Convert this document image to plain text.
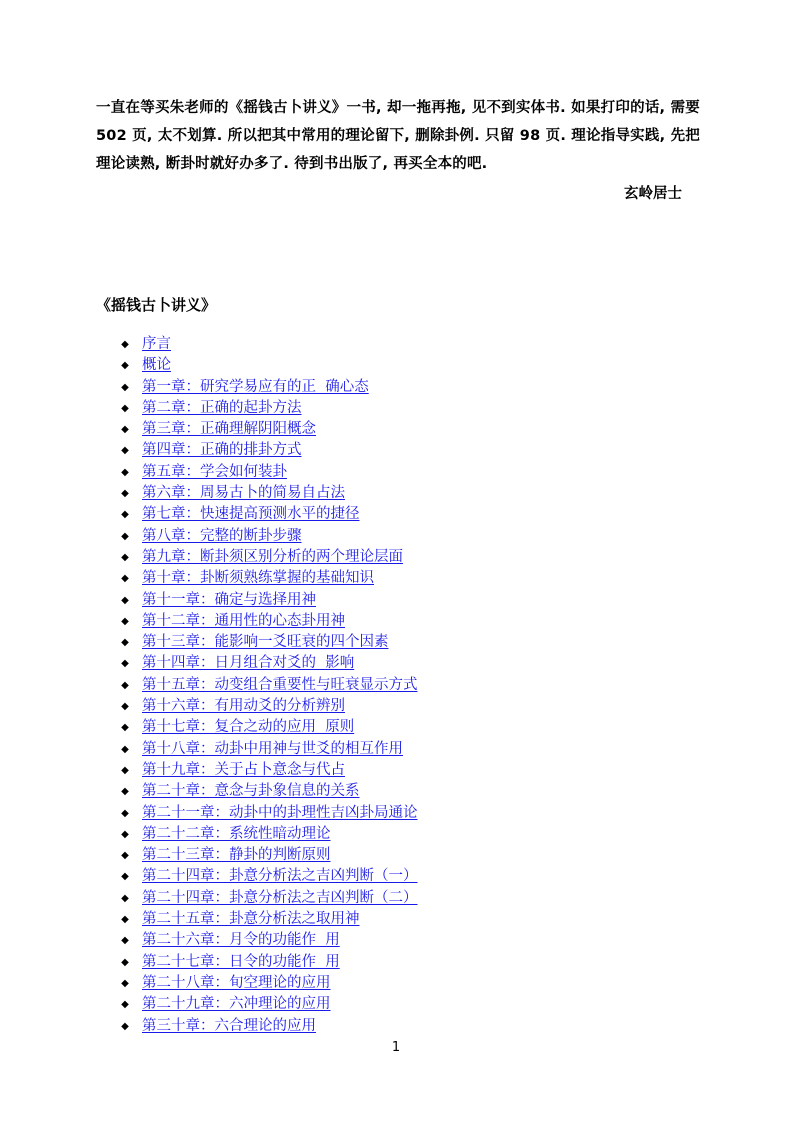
一直在等买朱老师的《摇钱古卜讲义》一书, 却一拖再拖, 见不到实体书. 如果打印的话, 需要 502 页, 太不划算. 所以把其中常用的理论留下, 删除卦例. 只留 98 页. 理论指导实践, 先把理论读熟, 断卦时就好办多了. 待到书出版了, 再买全本的吧.
玄岭居士
《摇钱古卜讲义》
◆ 序言
◆ 概论
◆ 第一章：研究学易应有的正  确心态
◆ 第二章：正确的起卦方法
◆ 第三章：正确理解阴阳概念
◆ 第四章：正确的排卦方式
◆ 第五章：学会如何装卦
◆ 第六章：周易古卜的简易自占法
◆ 第七章：快速提高预测水平的捷径
◆ 第八章：完整的断卦步骤
◆ 第九章：断卦须区别分析的两个理论层面
◆ 第十章：卦断须熟练掌握的基础知识
◆ 第十一章：确定与选择用神
◆ 第十二章：通用性的心态卦用神
◆ 第十三章：能影响一爻旺衰的四个因素
◆ 第十四章：日月组合对爻的  影响
◆ 第十五章：动变组合重要性与旺衰显示方式
◆ 第十六章：有用动爻的分析辨别
◆ 第十七章：复合之动的应用  原则
◆ 第十八章：动卦中用神与世爻的相互作用
◆ 第十九章：关于占卜意念与代占
◆ 第二十章：意念与卦象信息的关系
◆ 第二十一章：动卦中的卦理性吉凶卦局通论
◆ 第二十二章：系统性暗动理论
◆ 第二十三章：静卦的判断原则
◆ 第二十四章：卦意分析法之吉凶判断（一）
◆ 第二十四章：卦意分析法之吉凶判断（二）
◆ 第二十五章：卦意分析法之取用神
◆ 第二十六章：月令的功能作  用
◆ 第二十七章：日令的功能作  用
◆ 第二十八章：旬空理论的应用
◆ 第二十九章：六冲理论的应用
◆ 第三十章：六合理论的应用
1
